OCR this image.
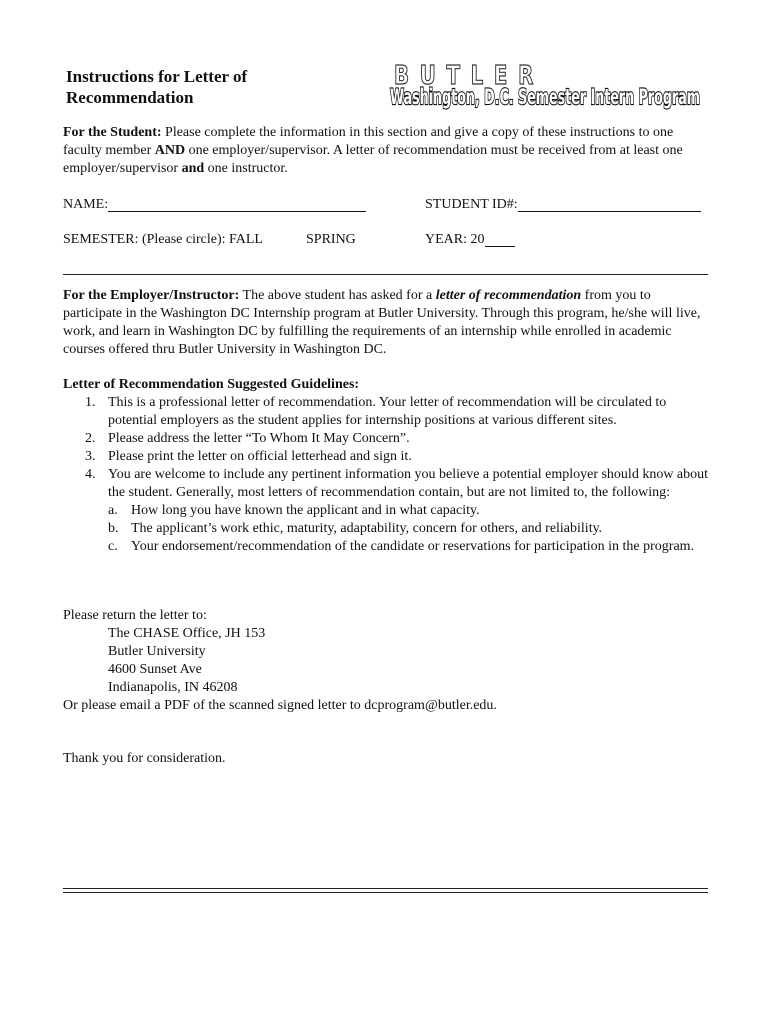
Instructions for Letter of
Recommendation
BUTLER
Washington, D.C. Semester Intern Program
For the Student: Please complete the information in this section and give a copy of these instructions to one faculty member AND one employer/supervisor. A letter of recommendation must be received from at least one employer/supervisor and one instructor.
NAME:	STUDENT ID#:
SEMESTER: (Please circle): FALL	SPRING	YEAR: 20
For the Employer/Instructor: The above student has asked for a letter of recommendation from you to participate in the Washington DC Internship program at Butler University. Through this program, he/she will live, work, and learn in Washington DC by fulfilling the requirements of an internship while enrolled in academic courses offered thru Butler University in Washington DC.
Letter of Recommendation Suggested Guidelines:
1. This is a professional letter of recommendation. Your letter of recommendation will be circulated to potential employers as the student applies for internship positions at various different sites.
2. Please address the letter “To Whom It May Concern”.
3. Please print the letter on official letterhead and sign it.
4. You are welcome to include any pertinent information you believe a potential employer should know about the student. Generally, most letters of recommendation contain, but are not limited to, the following:
a. How long you have known the applicant and in what capacity.
b. The applicant’s work ethic, maturity, adaptability, concern for others, and reliability.
c. Your endorsement/recommendation of the candidate or reservations for participation in the program.
Please return the letter to:
The CHASE Office, JH 153
Butler University
4600 Sunset Ave
Indianapolis, IN 46208
Or please email a PDF of the scanned signed letter to dcprogram@butler.edu.
Thank you for consideration.
